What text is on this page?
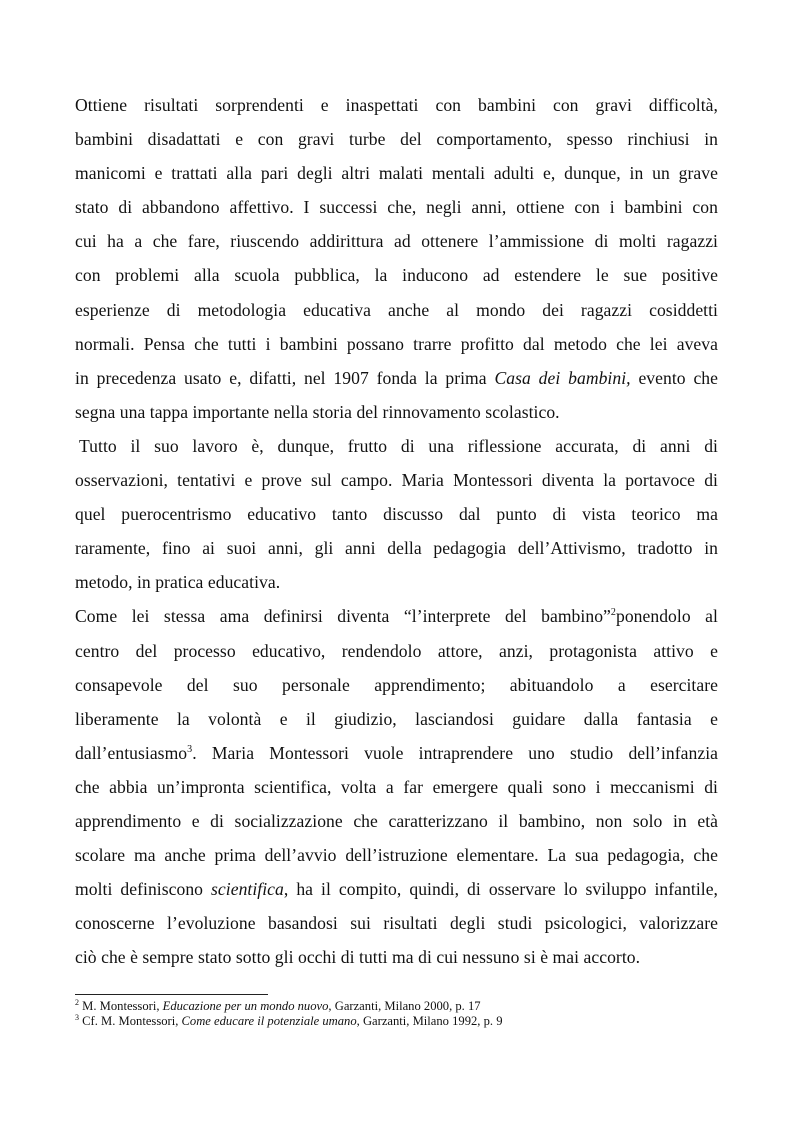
Ottiene risultati sorprendenti e inaspettati con bambini con gravi difficoltà,
bambini disadattati e con gravi turbe del comportamento, spesso rinchiusi in
manicomi e trattati alla pari degli altri malati mentali adulti e, dunque, in un grave
stato di abbandono affettivo. I successi che, negli anni, ottiene con i bambini con
cui ha a che fare, riuscendo addirittura ad ottenere l’ammissione di molti ragazzi
con problemi alla scuola pubblica, la inducono ad estendere le sue positive
esperienze di metodologia educativa anche al mondo dei ragazzi cosiddetti
normali. Pensa che tutti i bambini possano trarre profitto dal metodo che lei aveva
in precedenza usato e, difatti, nel 1907 fonda la prima Casa dei bambini, evento che
segna una tappa importante nella storia del rinnovamento scolastico.
Tutto il suo lavoro è, dunque, frutto di una riflessione accurata, di anni di
osservazioni, tentativi e prove sul campo. Maria Montessori diventa la portavoce di
quel puerocentrismo educativo tanto discusso dal punto di vista teorico ma
raramente, fino ai suoi anni, gli anni della pedagogia dell’Attivismo, tradotto in
metodo, in pratica educativa.
Come lei stessa ama definirsi diventa “l’interprete del bambino”$^2$ponendolo al
centro del processo educativo, rendendolo attore, anzi, protagonista attivo e
consapevole del suo personale apprendimento; abituandolo a esercitare
liberamente la volontà e il giudizio, lasciandosi guidare dalla fantasia e
dall’entusiasmo$^3$. Maria Montessori vuole intraprendere uno studio dell’infanzia
che abbia un’impronta scientifica, volta a far emergere quali sono i meccanismi di
apprendimento e di socializzazione che caratterizzano il bambino, non solo in età
scolare ma anche prima dell’avvio dell’istruzione elementare. La sua pedagogia, che
molti definiscono scientifica, ha il compito, quindi, di osservare lo sviluppo infantile,
conoscerne l’evoluzione basandosi sui risultati degli studi psicologici, valorizzare
ciò che è sempre stato sotto gli occhi di tutti ma di cui nessuno si è mai accorto.
$^2$ M. Montessori, Educazione per un mondo nuovo, Garzanti, Milano 2000, p. 17
$^3$ Cf. M. Montessori, Come educare il potenziale umano, Garzanti, Milano 1992, p. 9
